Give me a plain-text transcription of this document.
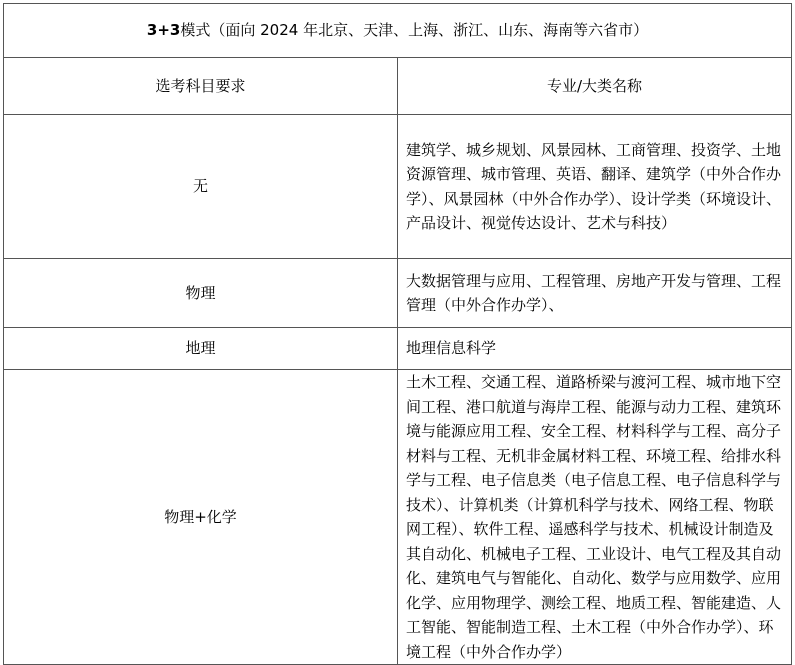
3+3模式（面向 2024 年北京、天津、上海、浙江、山东、海南等六省市）	
选考科目要求	专业/大类名称
无	建筑学、城乡规划、风景园林、工商管理、投资学、土地资源管理、城市管理、英语、翻译、建筑学（中外合作办学）、风景园林（中外合作办学）、设计学类（环境设计、产品设计、视觉传达设计、艺术与科技）
物理	大数据管理与应用、工程管理、房地产开发与管理、工程管理（中外合作办学）、
地理	地理信息科学
物理+化学	土木工程、交通工程、道路桥梁与渡河工程、城市地下空间工程、港口航道与海岸工程、能源与动力工程、建筑环境与能源应用工程、安全工程、材料科学与工程、高分子材料与工程、无机非金属材料工程、环境工程、给排水科学与工程、电子信息类（电子信息工程、电子信息科学与技术）、计算机类（计算机科学与技术、网络工程、物联网工程）、软件工程、遥感科学与技术、机械设计制造及其自动化、机械电子工程、工业设计、电气工程及其自动化、建筑电气与智能化、自动化、数学与应用数学、应用化学、应用物理学、测绘工程、地质工程、智能建造、人工智能、智能制造工程、土木工程（中外合作办学）、环境工程（中外合作办学）
